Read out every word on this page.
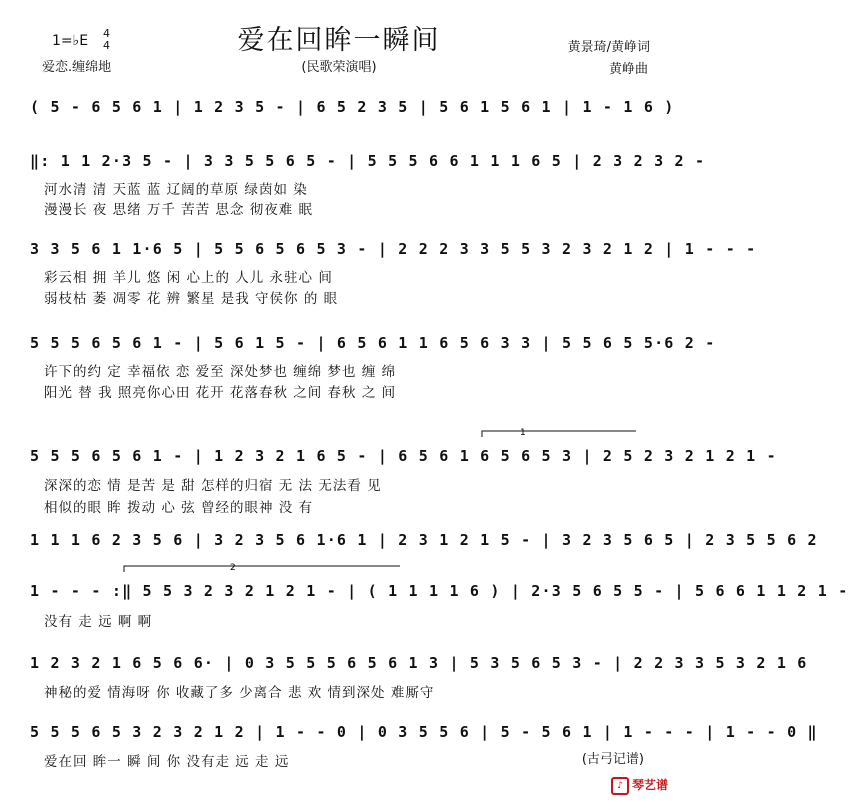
爱在回眸一瞬间
1=♭E 4
4
爱恋.缠绵地	(民歌荣演唱)
黄景琦/黄峥词
黄峥曲
( 5 - 6 5 6 1 | 1 2 3 5 - | 6 5 2 3 5 | 5 6 1 5 6 1 | 1 - 1 6 )
‖: 1 1 2·3 5 - | 3 3 5 5 6 5 - | 5 5 5 6 6 1 1 1 6 5 | 2 3 2 3 2 -
河水清 清 天蓝 蓝 辽阔的草原 绿茵如 染
漫漫长 夜 思绪 万千 苦苦 思念 彻夜难 眠
3 3 5 6 1 1·6 5 | 5 5 6 5 6 5 3 - | 2 2 2 3 3 5 5 3 2 3 2 1 2 | 1 - - -
彩云相 拥 羊儿 悠 闲 心上的 人儿 永驻心 间
弱枝枯 萎 凋零 花 辨 繁星 是我 守侯你 的 眼
5 5 5 6 5 6 1 - | 5 6 1 5 - | 6 5 6 1 1 6 5 6 3 3 | 5 5 6 5 5·6 2 -
许下的约 定 幸福依 恋 爱至 深处梦也 缠绵 梦也 缠 绵
阳光 替 我 照亮你心田 花开 花落春秋 之间 春秋 之 间
5 5 5 6 5 6 1 - | 1 2 3 2 1 6 5 - | 6 5 6 1 6 5 6 5 3 | 2 5 2 3 2 1 2 1 -
深深的恋 情 是苦 是 甜 怎样的归宿 无 法 无法看 见
相似的眼 眸 拨动 心 弦 曾经的眼神 没 有
1 1 1 6 2 3 5 6 | 3 2 3 5 6 1·6 1 | 2 3 1 2 1 5 - | 3 2 3 5 6 5 | 2 3 5 5 6 2
1 - - - :‖ 5 5 3 2 3 2 1 2 1 - | ( 1 1 1 1 6 ) | 2·3 5 6 5 5 - | 5 6 6 1 1 2 1 -
没有 走 远 啊 啊
1 2 3 2 1 6 5 6 6· | 0 3 5 5 5 6 5 6 1 3 | 5 3 5 6 5 3 - | 2 2 3 3 5 3 2 1 6
神秘的爱 情海呀 你 收藏了多 少离合 悲 欢 情到深处 难厮守
5 5 5 6 5 3 2 3 2 1 2 | 1 - - 0 | 0 3 5 5 6 | 5 - 5 6 1 | 1 - - - | 1 - - 0 ‖
爱在回 眸一 瞬 间 你 没有走 远 走 远
1
2
(古弓记谱)
♪ 琴艺谱
